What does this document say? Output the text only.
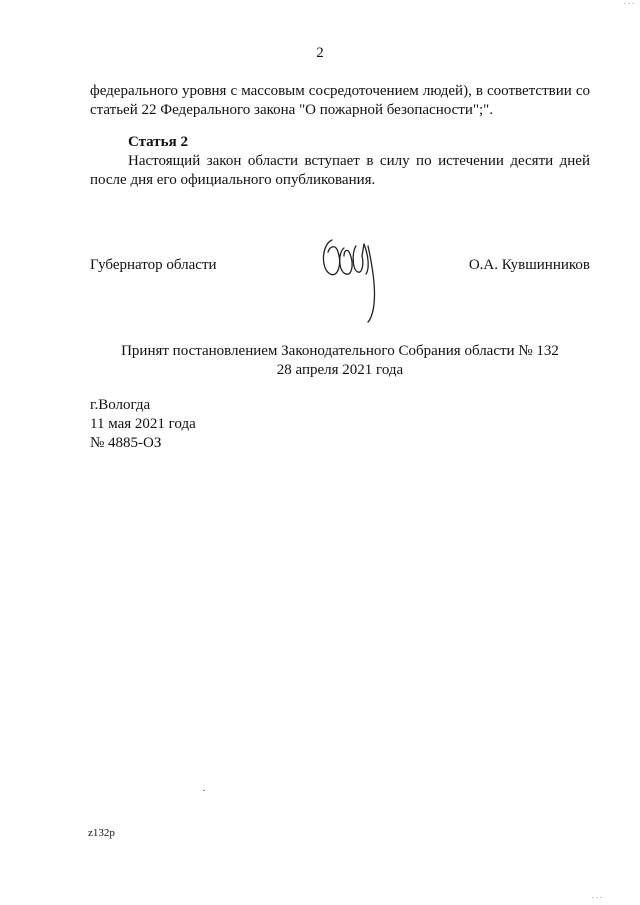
2
федерального уровня с массовым сосредоточением людей), в соответствии со статьей 22 Федерального закона "О пожарной безопасности";".
Статья 2
Настоящий закон области вступает в силу по истечении десяти дней после дня его официального опубликования.
Губернатор области	О.А. Кувшинников
Принят постановлением Законодательного Собрания области № 132
28 апреля 2021 года
г.Вологда
11 мая 2021 года
№ 4885-ОЗ
z132p
. . .
. . .
